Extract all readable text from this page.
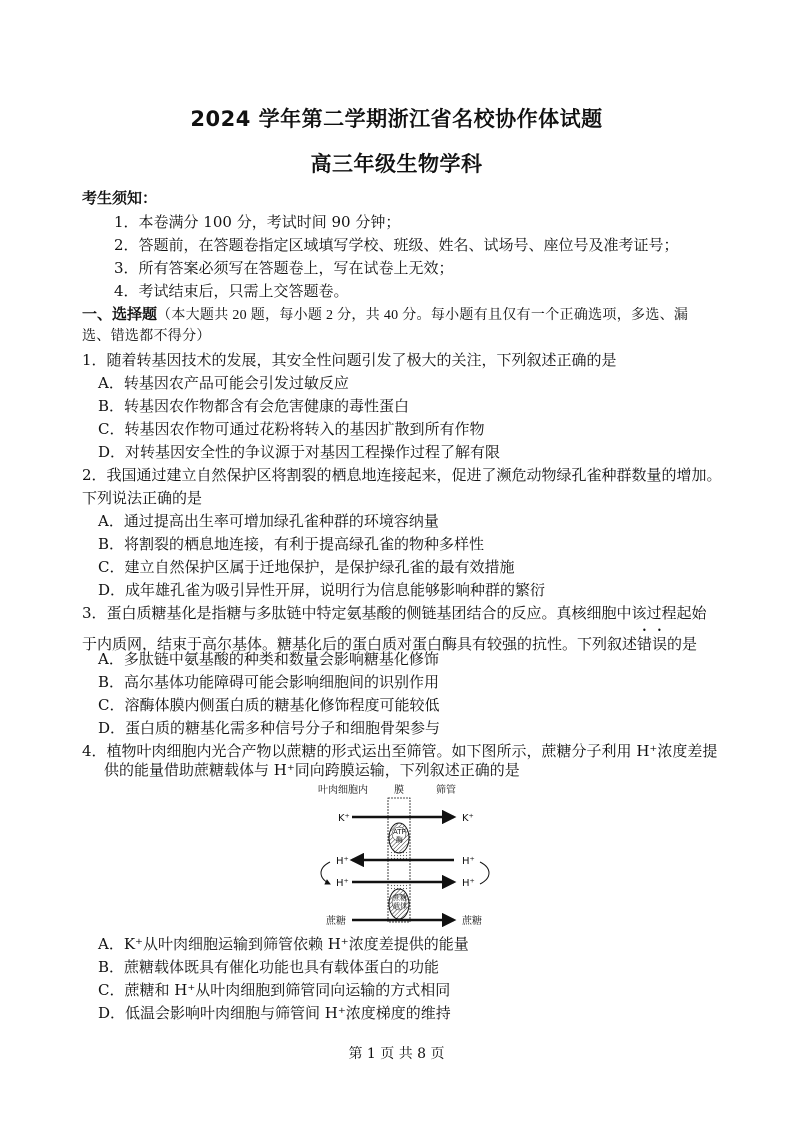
2024 学年第二学期浙江省名校协作体试题
高三年级生物学科
考生须知：
1．本卷满分 100 分，考试时间 90 分钟；
2．答题前，在答题卷指定区域填写学校、班级、姓名、试场号、座位号及准考证号；
3．所有答案必须写在答题卷上，写在试卷上无效；
4．考试结束后，只需上交答题卷。
一、选择题（本大题共 20 题，每小题 2 分，共 40 分。每小题有且仅有一个正确选项，多选、漏
选、错选都不得分）
1．随着转基因技术的发展，其安全性问题引发了极大的关注，下列叙述正确的是
A．转基因农产品可能会引发过敏反应
B．转基因农作物都含有会危害健康的毒性蛋白
C．转基因农作物可通过花粉将转入的基因扩散到所有作物
D．对转基因安全性的争议源于对基因工程操作过程了解有限
2．我国通过建立自然保护区将割裂的栖息地连接起来，促进了濒危动物绿孔雀种群数量的增加。
下列说法正确的是
A．通过提高出生率可增加绿孔雀种群的环境容纳量
B．将割裂的栖息地连接，有利于提高绿孔雀的物种多样性
C．建立自然保护区属于迁地保护，是保护绿孔雀的最有效措施
D．成年雄孔雀为吸引异性开屏，说明行为信息能够影响种群的繁衍
3．蛋白质糖基化是指糖与多肽链中特定氨基酸的侧链基团结合的反应。真核细胞中该过程起始
于内质网，结束于高尔基体。糖基化后的蛋白质对蛋白酶具有较强的抗性。下列叙述错误的是
A．多肽链中氨基酸的种类和数量会影响糖基化修饰
B．高尔基体功能障碍可能会影响细胞间的识别作用
C．溶酶体膜内侧蛋白质的糖基化修饰程度可能较低
D．蛋白质的糖基化需多种信号分子和细胞骨架参与
4．植物叶肉细胞内光合产物以蔗糖的形式运出至筛管。如下图所示，蔗糖分子利用 H⁺浓度差提
供的能量借助蔗糖载体与 H⁺同向跨膜运输，下列叙述正确的是
叶肉细胞内	膜	筛管
K⁺	K⁺
ATP
酶
H⁺	H⁺
H⁺	H⁺
蔗糖
载体
蔗糖	蔗糖
A．K⁺从叶肉细胞运输到筛管依赖 H⁺浓度差提供的能量
B．蔗糖载体既具有催化功能也具有载体蛋白的功能
C．蔗糖和 H⁺从叶肉细胞到筛管同向运输的方式相同
D．低温会影响叶肉细胞与筛管间 H⁺浓度梯度的维持
第 1 页 共 8 页
